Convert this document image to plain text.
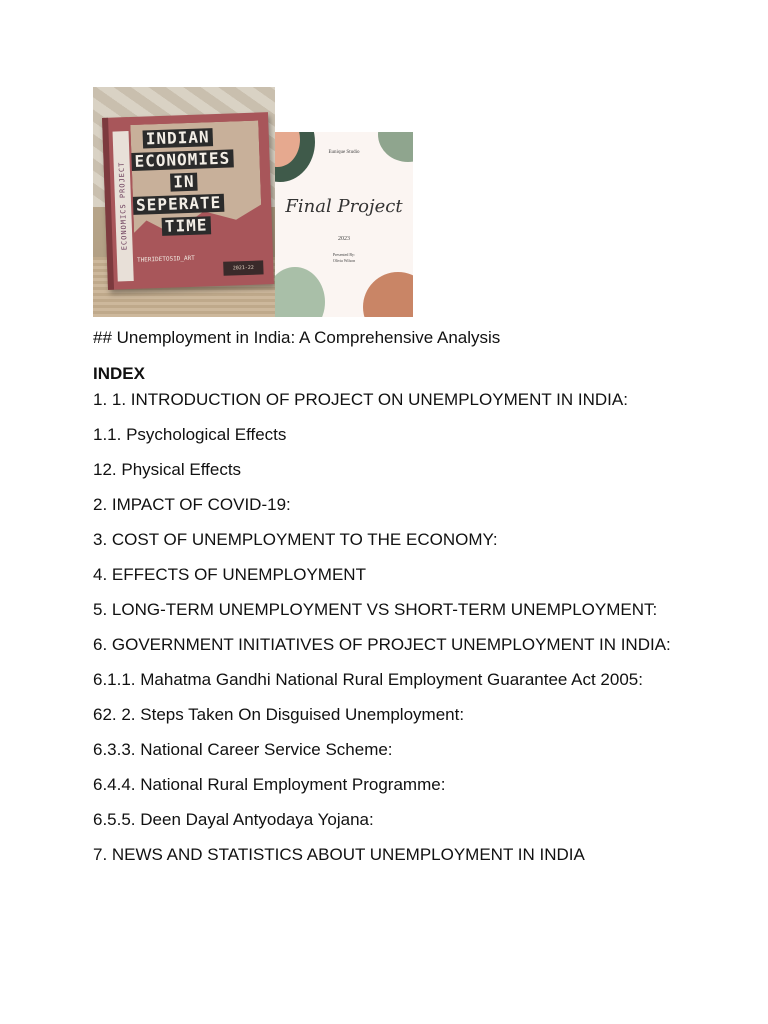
ECONOMICS PROJECT
INDIAN
ECONOMIES
IN
SEPERATE
TIME
THERIDETOSID_ART
2021-22
Eunique Studio
Final Project
2023
Presented By:
Olivia Wilson
## Unemployment in India: A Comprehensive Analysis
INDEX
1. 1. INTRODUCTION OF PROJECT ON UNEMPLOYMENT IN INDIA:
1.1. Psychological Effects
12. Physical Effects
2. IMPACT OF COVID-19:
3. COST OF UNEMPLOYMENT TO THE ECONOMY:
4. EFFECTS OF UNEMPLOYMENT
5. LONG-TERM UNEMPLOYMENT VS SHORT-TERM UNEMPLOYMENT:
6. GOVERNMENT INITIATIVES OF PROJECT UNEMPLOYMENT IN INDIA:
6.1.1. Mahatma Gandhi National Rural Employment Guarantee Act 2005:
62. 2. Steps Taken On Disguised Unemployment:
6.3.3. National Career Service Scheme:
6.4.4. National Rural Employment Programme:
6.5.5. Deen Dayal Antyodaya Yojana:
7. NEWS AND STATISTICS ABOUT UNEMPLOYMENT IN INDIA
